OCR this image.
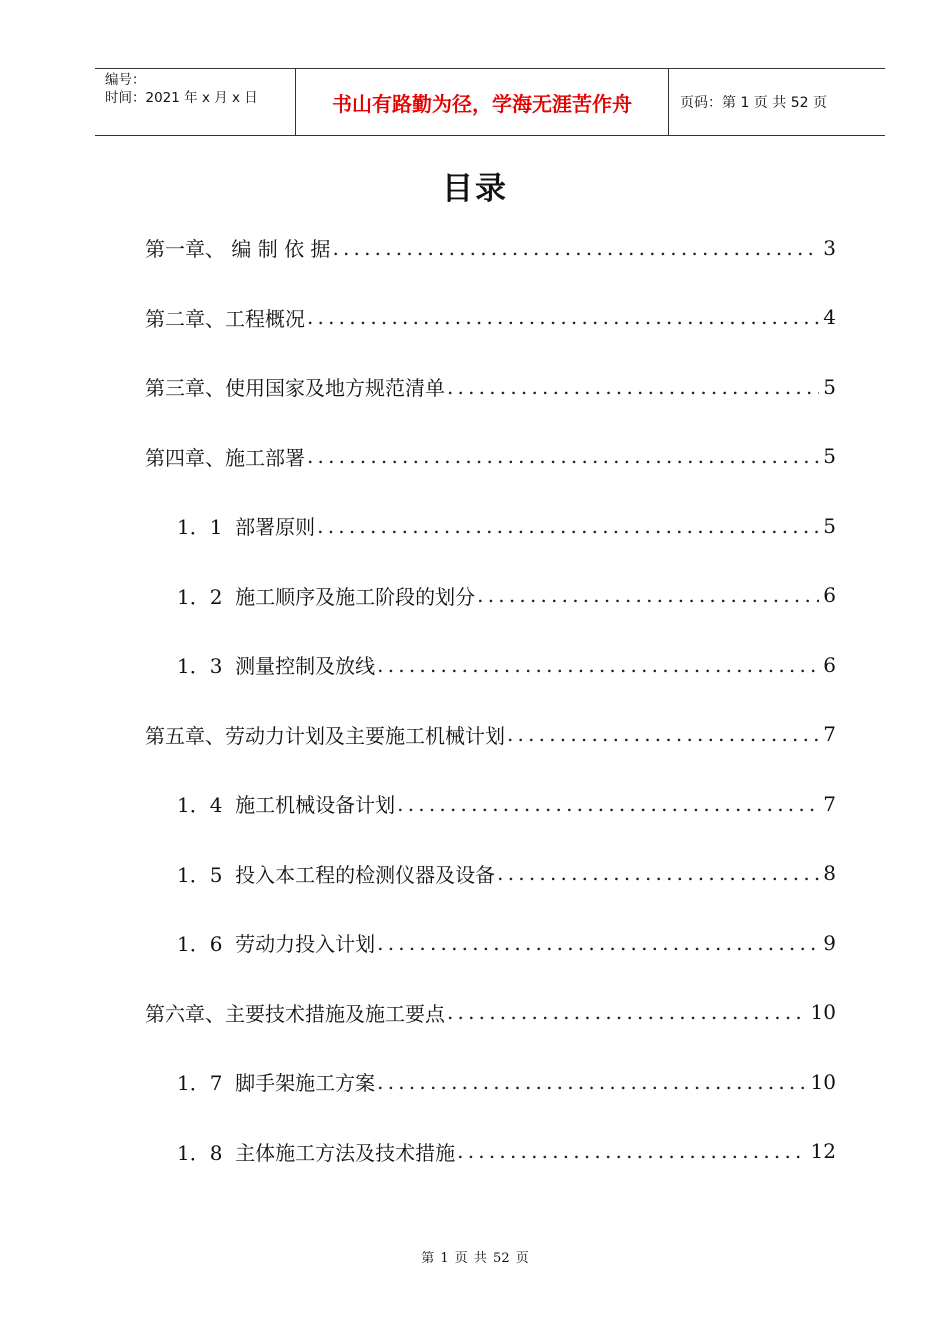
编号：
时间：2021 年 x 月 x 日	书山有路勤为径，学海无涯苦作舟	页码：第 1 页 共 52 页
目录
第一章、 编 制 依 据 .....	3
第二章、工程概况 .....	4
第三章、使用国家及地方规范清单 .....	5
第四章、施工部署 .....	5
1．1  部署原则 .....	5
1．2  施工顺序及施工阶段的划分 .....	6
1．3  测量控制及放线 .....	6
第五章、劳动力计划及主要施工机械计划 .....	7
1．4  施工机械设备计划 .....	7
1．5  投入本工程的检测仪器及设备 .....	8
1．6  劳动力投入计划 .....	9
第六章、主要技术措施及施工要点 .....	10
1．7  脚手架施工方案 .....	10
1．8  主体施工方法及技术措施 .....	12
第 1 页 共 52 页
